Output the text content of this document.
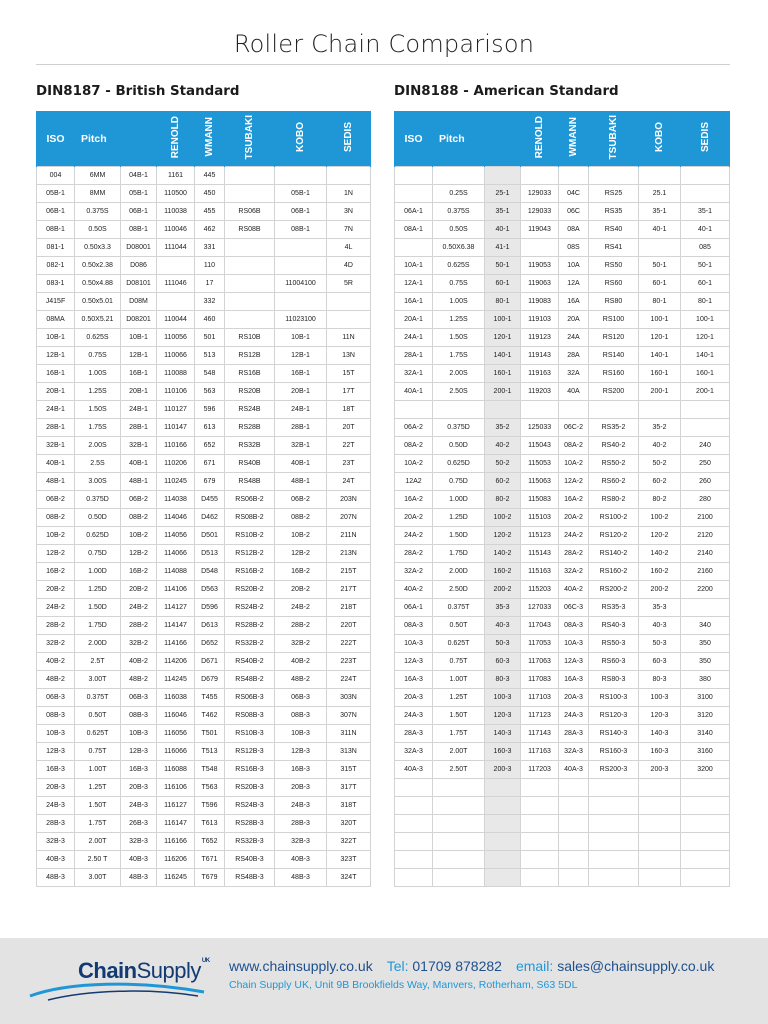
Roller Chain Comparison
DIN8187 - British Standard
ISO	Pitch		RENOLD	WMANN	TSUBAKI	KOBO	SEDIS
004	6MM	04B-1	1161	445			
05B-1	8MM	05B-1	110500	450		05B-1	1N
06B-1	0.375S	06B-1	110038	455	RS06B	06B-1	3N
08B-1	0.50S	08B-1	110046	462	RS08B	08B-1	7N
081-1	0.50x3.3	D08001	111044	331			4L
082-1	0.50x2.38	D086		110			4D
083-1	0.50x4.88	D08101	111046	17		11004100	5R
J415F	0.50x5.01	D08M		332			
08MA	0.50X5.21	D08201	110044	460		11023100	
10B-1	0.625S	10B-1	110056	501	RS10B	10B-1	11N
12B-1	0.75S	12B-1	110066	513	RS12B	12B-1	13N
16B-1	1.00S	16B-1	110088	548	RS16B	16B-1	15T
20B-1	1.25S	20B-1	110106	563	RS20B	20B-1	17T
24B-1	1.50S	24B-1	110127	596	RS24B	24B-1	18T
28B-1	1.75S	28B-1	110147	613	RS28B	28B-1	20T
32B-1	2.00S	32B-1	110166	652	RS32B	32B-1	22T
40B-1	2.5S	40B-1	110206	671	RS40B	40B-1	23T
48B-1	3.00S	48B-1	110245	679	RS48B	48B-1	24T
06B-2	0.375D	06B-2	114038	D455	RS06B-2	06B-2	203N
08B-2	0.50D	08B-2	114046	D462	RS08B-2	08B-2	207N
10B-2	0.625D	10B-2	114056	D501	RS10B-2	10B-2	211N
12B-2	0.75D	12B-2	114066	D513	RS12B-2	12B-2	213N
16B-2	1.00D	16B-2	114088	D548	RS16B-2	16B-2	215T
20B-2	1.25D	20B-2	114106	D563	RS20B-2	20B-2	217T
24B-2	1.50D	24B-2	114127	D596	RS24B-2	24B-2	218T
28B-2	1.75D	28B-2	114147	D613	RS28B-2	28B-2	220T
32B-2	2.00D	32B-2	114166	D652	RS32B-2	32B-2	222T
40B-2	2.5T	40B-2	114206	D671	RS40B-2	40B-2	223T
48B-2	3.00T	48B-2	114245	D679	RS48B-2	48B-2	224T
06B-3	0.375T	06B-3	116038	T455	RS06B-3	06B-3	303N
08B-3	0.50T	08B-3	116046	T462	RS08B-3	08B-3	307N
10B-3	0.625T	10B-3	116056	T501	RS10B-3	10B-3	311N
12B-3	0.75T	12B-3	116066	T513	RS12B-3	12B-3	313N
16B-3	1.00T	16B-3	116088	T548	RS16B-3	16B-3	315T
20B-3	1.25T	20B-3	116106	T563	RS20B-3	20B-3	317T
24B-3	1.50T	24B-3	116127	T596	RS24B-3	24B-3	318T
28B-3	1.75T	26B-3	116147	T613	RS28B-3	28B-3	320T
32B-3	2.00T	32B-3	116166	T652	RS32B-3	32B-3	322T
40B-3	2.50 T	40B-3	116206	T671	RS40B-3	40B-3	323T
48B-3	3.00T	48B-3	116245	T679	RS48B-3	48B-3	324T
DIN8188 - American Standard
ISO	Pitch		RENOLD	WMANN	TSUBAKI	KOBO	SEDIS

	0.25S	25-1	129033	04C	RS25	25.1	
06A-1	0.375S	35-1	129033	06C	RS35	35-1	35-1
08A-1	0.50S	40-1	119043	08A	RS40	40-1	40-1
	0.50X6.38	41-1		08S	RS41		085
10A-1	0.625S	50-1	119053	10A	RS50	50-1	50-1
12A-1	0.75S	60-1	119063	12A	RS60	60-1	60-1
16A-1	1.00S	80-1	119083	16A	RS80	80-1	80-1
20A-1	1.25S	100-1	119103	20A	RS100	100-1	100-1
24A-1	1.50S	120-1	119123	24A	RS120	120-1	120-1
28A-1	1.75S	140-1	119143	28A	RS140	140-1	140-1
32A-1	2.00S	160-1	119163	32A	RS160	160-1	160-1
40A-1	2.50S	200-1	119203	40A	RS200	200-1	200-1

06A-2	0.375D	35-2	125033	06C-2	RS35-2	35-2	
08A-2	0.50D	40-2	115043	08A-2	RS40-2	40-2	240
10A-2	0.625D	50-2	115053	10A-2	RS50-2	50-2	250
12A2	0.75D	60-2	115063	12A-2	RS60-2	60-2	260
16A-2	1.00D	80-2	115083	16A-2	RS80-2	80-2	280
20A-2	1.25D	100-2	115103	20A-2	RS100-2	100-2	2100
24A-2	1.50D	120-2	115123	24A-2	RS120-2	120-2	2120
28A-2	1.75D	140-2	115143	28A-2	RS140-2	140-2	2140
32A-2	2.00D	160-2	115163	32A-2	RS160-2	160-2	2160
40A-2	2.50D	200-2	115203	40A-2	RS200-2	200-2	2200
06A-1	0.375T	35-3	127033	06C-3	RS35-3	35-3	
08A-3	0.50T	40-3	117043	08A-3	RS40-3	40-3	340
10A-3	0.625T	50-3	117053	10A-3	RS50-3	50-3	350
12A-3	0.75T	60-3	117063	12A-3	RS60-3	60-3	350
16A-3	1.00T	80-3	117083	16A-3	RS80-3	80-3	380
20A-3	1.25T	100-3	117103	20A-3	RS100-3	100-3	3100
24A-3	1.50T	120-3	117123	24A-3	RS120-3	120-3	3120
28A-3	1.75T	140-3	117143	28A-3	RS140-3	140-3	3140
32A-3	2.00T	160-3	117163	32A-3	RS160-3	160-3	3160
40A-3	2.50T	200-3	117203	40A-3	RS200-3	200-3	3200

ChainSupply$^{UK}$ www.chainsupply.co.uk Tel: 01709 878282 email: sales@chainsupply.co.uk
Chain Supply UK, Unit 9B Brookfields Way, Manvers, Rotherham, S63 5DL
